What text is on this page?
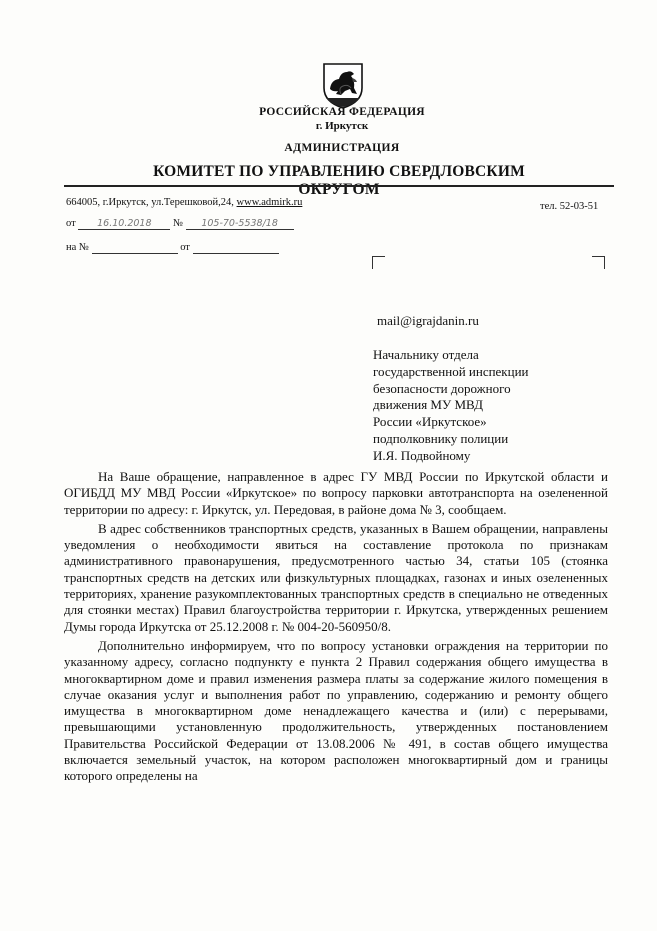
РОССИЙСКАЯ ФЕДЕРАЦИЯ
г. Иркутск
АДМИНИСТРАЦИЯ
КОМИТЕТ ПО УПРАВЛЕНИЮ СВЕРДЛОВСКИМ ОКРУГОМ
664005, г.Иркутск, ул.Терешковой,24, www.admirk.ru	тел. 52-03-51
от 16.10.2018 № 105-70-5538/18
на №	от
mail@igrajdanin.ru
Начальнику отдела
государственной инспекции
безопасности дорожного
движения МУ МВД
России «Иркутское»
подполковнику полиции
И.Я. Подвойному

На Ваше обращение, направленное в адрес ГУ МВД России по Иркутской области и ОГИБДД МУ МВД России «Иркутское» по вопросу парковки автотранспорта на озелененной территории по адресу: г. Иркутск, ул. Передовая, в районе дома № 3, сообщаем.

В адрес собственников транспортных средств, указанных в Вашем обращении, направлены уведомления о необходимости явиться на составление протокола по признакам административного правонарушения, предусмотренного частью 34, статьи 105 (стоянка транспортных средств на детских или физкультурных площадках, газонах и иных озелененных территориях, хранение разукомплектованных транспортных средств в специально не отведенных для стоянки местах) Правил благоустройства территории г. Иркутска, утвержденных решением Думы города Иркутска от 25.12.2008 г. № 004-20-560950/8.

Дополнительно информируем, что по вопросу установки ограждения на территории по указанному адресу, согласно подпункту е пункта 2 Правил содержания общего имущества в многоквартирном доме и правил изменения размера платы за содержание жилого помещения в случае оказания услуг и выполнения работ по управлению, содержанию и ремонту общего имущества в многоквартирном доме ненадлежащего качества и (или) с перерывами, превышающими установленную продолжительность, утвержденных постановлением Правительства Российской Федерации от 13.08.2006 № 491, в состав общего имущества включается земельный участок, на котором расположен многоквартирный дом и границы которого определены на
